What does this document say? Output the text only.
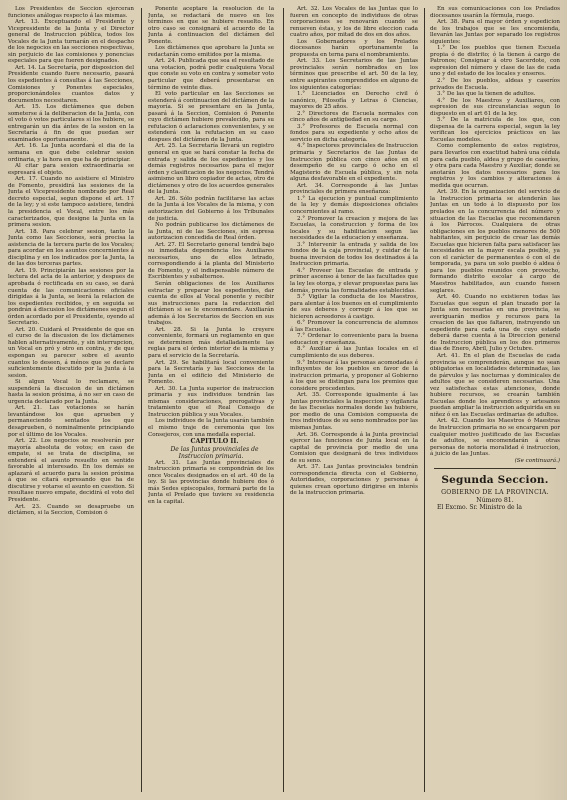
Los Presidentes de Seccion ejerceran funciones análogas respecto á las mismas.

Art. 13. Exceptuando el Presidente y Vicepresidente de la Junta y el Director general de Instruccion pública, todos los Vocales de la Junta turnarán en el despacho de los negocios en las secciones respectivas, sin perjuicio de las comisiones y ponencias especiales para que fueren designados.

Art. 14. La Secretaría, por disposicion del Presidente cuando fuere necesario, pasará los espedientes á consultas á las Secciones, Comisiones y Ponentes especiales, proporcionándoles cuantos datos y documentos necesitaren.

Art. 15. Los dictámenes que deben someterse á la deliberacion de la Junta, con el voto ó votos particulares si los hubiere, se entregarán un dia ántes de la sesion en la Secretaría á fin de que puedan ser examinados oportunamente.

Art. 16. La Junta acordará el dia de la semana en que debe celebrar sesion ordinaria, y la hora en que ha de principiar.

Al citar para sesion extraordinaria se espresará el objeto.

Art. 17. Cuando no asistiere el Ministro de Fomento, presidirá las sesiones de la Junta el Vicepresidente nombrado por Real decreto especial, segun dispone el art. 17 de la ley; y si este tampoco asistiere, tendrá la presidencia el Vocal, entre los más caracterizados, que designe la Junta en la primera sesion.

Art. 18. Para celebrar sesion, tanto la Junta como las Secciones, será precisa la asistencia de la tercera parte de los Vocales; para acordar en los asuntos concernientes á disciplina y en los indicados por la Junta, la de las dos terceras partes.

Art. 19. Principiarán las sesiones por la lectura del acta de la anterior, y despues de aprobada ó rectificada en su caso, se dará cuenta de las comunicaciones oficiales dirigidas á la Junta, se leerá la relacion de los espedientes recibidos, y en seguida se pondrán á discusion los dictámenes segun el órden acordado por el Presidente, oyendo al Secretario.

Art. 20. Cuidará el Presidente de que en el curso de la discusion de los dictámenes hablen alternativamente, y sin interrupcion, un Vocal en pró y otro en contra, y de que espongan su parecer sobre el asunto cuantos lo deseen, á ménos que se declare suficientemente discutido por la Junta á la sesion.

Si algun Vocal lo reclamare, se suspenderá la discusion de un dictámen hasta la sesion próxima, á no ser en caso de urgencia declarado por la Junta.

Art. 21. Las votaciones se harán levantándose los que aprueben y permaneciendo sentados los que desaprueben, ó nominalmente principiando por el último de los Vocales.

Art. 22. Los negocios se resolverán por mayoría absoluta de votos; en caso de empate, si se trata de disciplina, se entenderá el asunto resuelto en sentido favorable al interesado. En los demás se aplazará el acuerdo para la sesion próxima á que se citará espresando que ha de discutirse y votarse el asunto en cuestion. Si resultase nuevo empate, decidirá el voto del Presidente.

Art. 23. Cuando se desapruebe un dictámen, si la Seccion, Comision ó

Ponente aceptare la resolucion de la Junta, se redactará de nuevo en los términos en que se hubiere resuelto. En otro caso se consignará el acuerdo de la Junta á continuacion del dictámen del Ponente.

Los dictámenes que aprobare la Junta se redactarán como emitidos por la misma.

Art. 24. Publicada que sea el resultado de una votacion, podrá pedir cualquiera Vocal que conste su voto en contra y someter voto particular que deberá presentarse en término de veinte dias.

El voto particular en las Secciones se estenderá á continuacion del dictámen de la mayoría. Si se presentare en la Junta, pasará á la Seccion, Comision ó Ponente cuyo dictámen hubiere prevalecido, para su refutacion ó aclaraciones convenientes, y se estenderá con la refutacion en su caso despues del dictámen de la Junta.

Art. 25. La Secretaría llevará un registro general en que se hará constar la fecha de entrada y salida de los espedientes y los demás registros necesarios para el mejor órden y clasificacion de los negocios. Tendrá asimismo un libro copiador de actas, otro de dictámenes y otro de los acuerdos generales de la Junta.

Art. 26. Sólo podrán facilitarse las actas de la Junta á los Vocales de la misma, y con autorizacion del Gobierno á los Tribunales de justicia.

No podrán publicarse los dictámenes de la Junta, ni de las Secciones, sin espresa autorizacion concedida de Real órden.

Art. 27. El Secretario general tendrá bajo su inmediata dependencia los Auxiliares necesarios, uno de ellos letrado, correspondiendo á la planta del Ministerio de Fomento, y el indispensable número de Escribientes y subalternos.

Serán obligaciones de los Auxiliares estractar y preparar los espedientes, dar cuenta de ellos al Vocal ponente y recibir sus instrucciones para la redaccion del dictámen si se le encomendare. Auxiliarán además á los Secretarios de Seccion en sus trabajos.

Art. 28. Si la Junta lo creyere conveniente, formará un reglamento en que se determinen más detalladamente las reglas para el órden interior de la misma y para el servicio de la Secretaría.

Art. 29. Se habilitará local conveniente para la Secretaría y las Secciones de la Junta en el edificio del Ministerio de Fomento.

Art. 30. La Junta superior de instruccion primaria y sus individuos tendrán las mismas consideraciones, prerogativas y tratamiento que el Real Consejo de Instruccion pública y sus Vocales.

Los individuos de la Junta usarán también el mismo traje de ceremonia que los Consejeros, con una medalla especial.

CAPITULO II.

De las Juntas provinciales de Instruccion primaria.

Art. 31. Las Juntas provinciales de Instruccion primaria se compondrán de los once Vocales designados en el art. 40 de la ley. Si las provincias donde hubiere dos ó más Sedes episcopales, formará parte de la Junta el Prelado que tuviere su residencia en la capital.

Art. 32. Los Vocales de las Juntas que lo fueren en concepto de individuos de otras corporaciones se renovarán cuando se renueven éstas, y los de libre eleccion cada cuatro años, por mitad de dos en dos años.

Los Gobernadores y los Prelados diocesanos harán oportunamente la propuesta en terna para el nombramiento.

Art. 33. Los Secretarios de las Juntas provinciales serán nombrados en los términos que prescribe el art. 50 de la ley, entre aspirantes comprendidos en alguno de los siguientes categorías:

1.° Licenciados en Derecho civil ó canónico, Filosofía y Letras ó Ciencias, mayores de 25 años.

2.° Directores de Escuela normales con cinco años de antigüedad en su cargo.

3.° Profesores de Escuela normal con fondos para su expediente y ocho años de servicio en dicha categoría.

4.° Inspectores provinciales de Instruccion primaria y Secretarios de las Juntas de Instruccion pública con cinco años en el desempeño de su cargo ó ocho en el Magisterio de Escuela pública, y sin nota alguna desfavorable en el expediente.

Art. 34. Corresponde á las Juntas provinciales de primera enseñanza:

1.° La ejecucion y puntual cumplimiento de la ley y demás disposiciones oficiales concernientes al ramo.

2.° Promover la creacion y mejora de las Escuelas, la construccion y forma de los locales y su habilitacion segun las necesidades de la educacion y enseñanza.

3.° Intervenir la entrada y salida de los fondos de la caja provincial, y cuidar de la buena inversion de todos los destinados á la Instruccion primaria.

4.° Proveer las Escuelas de entrada y primer ascenso á tenor de las facultades que la ley les otorga, y elevar propuestas para las demás, previa las formalidades establecidas.

5.° Vigilar la conducta de los Maestros, para alentar á los buenos en el cumplimiento de sus deberes y corregir á los que se hicieren acreedores á castigo.

6.° Promover la concurrencia de alumnos á las Escuelas.

7.° Ordenar lo conveniente para la buena educacion y enseñanza.

8.° Auxiliar á las Juntas locales en el cumplimiento de sus deberes.

9.° Interesar á las personas acomodadas é influyentes de los pueblos en favor de la instruccion primaria, y proponer al Gobierno á los que se distingan para los premios que considere procedentes.

Art. 35. Corresponde igualmente á las Juntas provinciales la inspeccion y vigilancia de las Escuelas normales donde las hubiere, por medio de una Comision compuesta de tres individuos de su seno nombrados por las mismas Juntas.

Art. 36. Corresponde á la Junta provincial ejercer las funciones de Junta local en la capital de provincia por medio de una Comision que designará de tres individuos de su seno.

Art. 37. Las Juntas provinciales tendrán correspondencia directa con el Gobierno, Autoridades, corporaciones y personas á quienes crean oportuno dirigirse en interés de la instruccion primaria.

En sus comunicaciones con los Prelados diocesanos usarán la fórmula, ruego.

Art. 38. Para el mayor órden y espedicion de los trabajos que se les encomienda, llevarán las Juntas por separado los registros siguientes:

1.° De los pueblos que tienen Escuela propia ó de distrito; ó la tienen á cargo de Patronos; Consignar á otro Sacerdote, con espresion del número y clase de las de cada uno y del estado de los locales y enseres.

2.° De los pueblos, aldeas y caseríos privados de Escuela.

3.° De las que la tienen de adultos.

4.° De los Maestros y Auxiliares, con espresion de sus circunstancias segun lo dispuesto en el art 61 de la ley.

5.° De la matrícula de los que, con dispensa de la carrera especial, segun la ley verifican los ejercicios prácticos en las Escuelas modelos.

Como complemento de estos registros, para llevarlos con exactitud habrá una cédula para cada pueblo, aldea y grupo de caseríos, y otra para cada Maestro y Auxiliar, donde se anotarán los datos necesarios para los registros y los cambios y alteraciones á medida que ocurran.

Art. 39. En la organizacion del servicio de la Instruccion primaria se atenderán las Juntas en un todo á lo dispuesto por los prelados en la concurrencia del número y situacion de las Escuelas que recomendaren á los Párrocos. Cualquiera de otras obligaciones en los pueblos menores de 500 habitantes, sin perjuicio de crear las demás Escuelas que hicieren falta para satisfacer las necesidades en la mayor escala posible, ya con el carácter de permanentes ó con el de temporada, ya para un solo pueblo ó aldea ó para los pueblos reunidos con provecho, formando distrito escolar á cargo de Maestros habilitados, aun cuando fuesen seglares.

Art. 40. Cuando no existieren todas las Escuelas que segun el plan trazado por la Junta son necesarias en una provincia, se averiguarán medios y recursos para la creacion de las que faltaren, instruyendo un espediente para cada una de cuyo estado deberá darse cuenta á la Direccion general de Instruccion pública en los dos primeros dias de Enero, Abril, Julio y Octubre.

Art. 41. En el plan de Escuelas de cada provincia se comprenderán, aunque no sean obligatorias en localidades determinadas, las de párvulos y las nocturnas y dominicales de adultos que se consideren necesarias. Una vez satisfechas estas atenciones, donde hubiere recursos, se crearán también Escuelas donde los aprendices y artesanos puedan ampliar la instruccion adquirida en su niñez ó en las Escuelas ordinarias de adultos.

Art. 42. Cuando los Maestros ó Maestras de Instruccion primaria no se encargaren por cualquier motivo justificado de las Escuelas de adultos, se encomendarán á otras personas de notoria moralidad é instruccion, á juicio de las Juntas.

(Se continuará.)

Segunda Seccion.
GOBIERNO DE LA PROVINCIA.
Número 81.

El Excmo. Sr. Ministro de la
